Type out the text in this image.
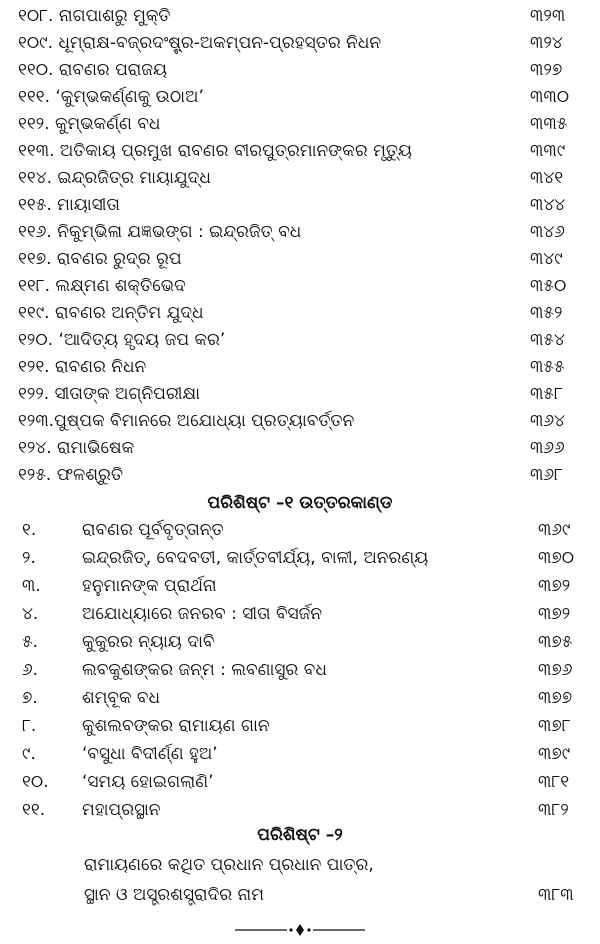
୧୦୮. ନାଗପାଶରୁ ମୁକ୍ତି	୩୨୩
୧୦୯. ଧୂମ୍ରାକ୍ଷ-ବଜ୍ରଦଂଷ୍ଟ୍ର-ଅକମ୍ପନ-ପ୍ରହସ୍ତର ନିଧନ	୩୨୪
୧୧୦. ରାବଣର ପରାଜୟ	୩୨୭
୧୧୧. ‘କୁମ୍ଭକର୍ଣ୍ଣକୁ ଉଠାଅ’	୩୩୦
୧୧୨. କୁମ୍ଭକର୍ଣ୍ଣ ବଧ	୩୩୫
୧୧୩. ଅତିକାୟ ପ୍ରମୁଖ ରାବଣର ବୀରପୁତ୍ରମାନଙ୍କର ମୃତ୍ୟୁ	୩୩୯
୧୧୪. ଇନ୍ଦ୍ରଜିତ୍‌ର ମାୟାଯୁଦ୍ଧ	୩୪୧
୧୧୫. ମାୟାସୀତା	୩୪୪
୧୧୬. ନିକୁମ୍ଭିଳା ଯଜ୍ଞଭଙ୍ଗ : ଇନ୍ଦ୍ରଜିତ୍ ବଧ	୩୪୬
୧୧୭. ରାବଣର ରୁଦ୍ର ରୂପ	୩୪୯
୧୧୮. ଲକ୍ଷ୍ମଣ ଶକ୍ତିଭେଦ	୩୫୦
୧୧୯. ରାବଣର ଅନ୍ତିମ ଯୁଦ୍ଧ	୩୫୨
୧୨୦. ‘ଆଦିତ୍ୟ ହୃଦୟ ଜପ କର’	୩୫୪
୧୨୧. ରାବଣର ନିଧନ	୩୫୫
୧୨୨. ସୀତାଙ୍କ ଅଗ୍ନିପରୀକ୍ଷା	୩୫୮
୧୨୩.ପୁଷ୍ପକ ବିମାନରେ ଅଯୋଧ୍ୟା ପ୍ରତ୍ୟାବର୍ତ୍ତନ	୩୬୪
୧୨୪. ରାମାଭିଷେକ	୩୬୬
୧୨୫. ଫଳଶ୍ରୁତି	୩୬୮
ପରିଶିଷ୍ଟ –୧ ଉତ୍ତରକାଣ୍ଡ
୧.	ରାବଣର ପୂର୍ବବୃତ୍ତାନ୍ତ	୩୬୯
୨.	ଇନ୍ଦ୍ରଜିତ୍, ବେଦବତୀ, କାର୍ତ୍ତବୀର୍ଯ୍ୟ, ବାଳୀ, ଅନରଣ୍ୟ	୩୭୦
୩. ହନୁମାନଙ୍କ ପ୍ରାର୍ଥନା	୩୭୨
୪.	ଅଯୋଧ୍ୟାରେ ଜନରବ : ସୀତା ବିସର୍ଜନ	୩୭୨
୫.	କୁକୁରର ନ୍ୟାୟ ଦାବି	୩୭୫
୬.	ଲବକୁଶଙ୍କର ଜନ୍ମ : ଲବଣାସୁର ବଧ	୩୭୬
୭.	ଶମ୍ବୂକ ବଧ	୩୭୭
୮.	କୁଶଲବଙ୍କର ରାମାୟଣ ଗାନ	୩୭୮
୯.	‘ବସୁଧା ବିଦୀର୍ଣ୍ଣ ହୁଅ’	୩୭୯
୧୦. ‘ସମୟ ହୋଇଗଲାଣି’	୩୮୧
୧୧. ମହାପ୍ରସ୍ଥାନ	୩୮୨
ପରିଶିଷ୍ଟ –୨
ରାମାୟଣରେ କଥିତ ପ୍ରଧାନ ପ୍ରଧାନ ପାତ୍ର,
ସ୍ଥାନ ଓ ଅସ୍ତ୍ରଶସ୍ତ୍ରାଦିର ନାମ	୩୮୩
